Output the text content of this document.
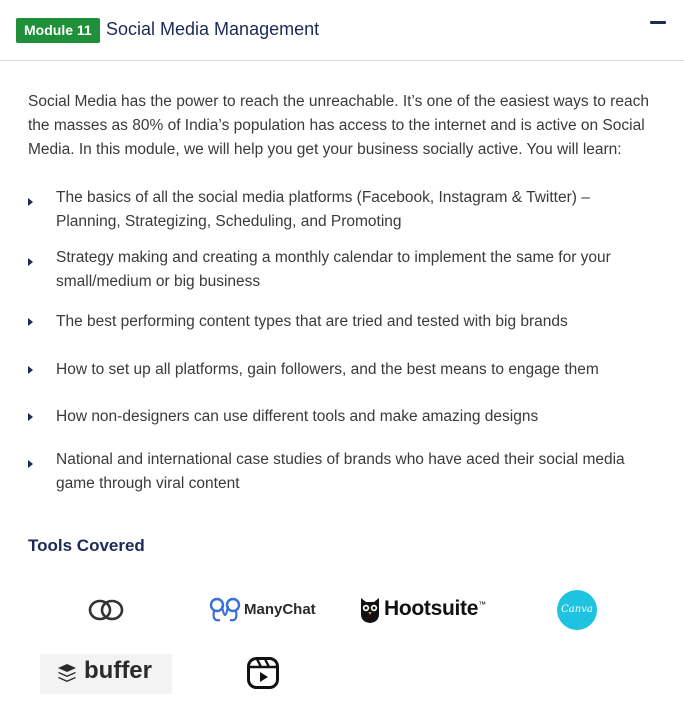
Module 11 Social Media Management

Social Media has the power to reach the unreachable. It’s one of the easiest ways to reach the masses as 80% of India’s population has access to the internet and is active on Social Media. In this module, we will help you get your business socially active. You will learn:

The basics of all the social media platforms (Facebook, Instagram & Twitter) – Planning, Strategizing, Scheduling, and Promoting
Strategy making and creating a monthly calendar to implement the same for your small/medium or big business
The best performing content types that are tried and tested with big brands
How to set up all platforms, gain followers, and the best means to engage them
How non-designers can use different tools and make amazing designs
National and international case studies of brands who have aced their social media game through viral content
Tools Covered
ManyChat	Hootsuite™	Canva
buffer
